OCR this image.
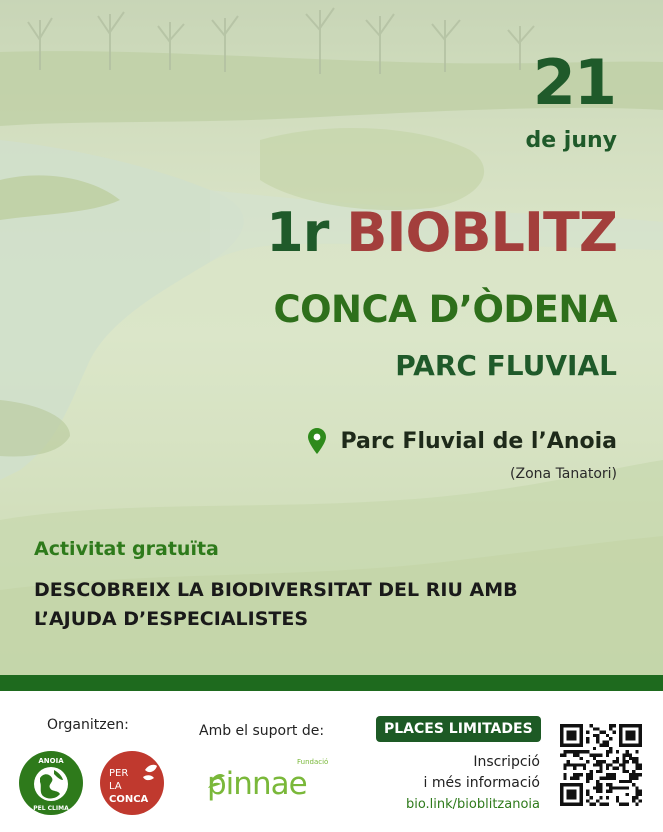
21
de juny
1r BIOBLITZ
CONCA D’ÒDENA
PARC FLUVIAL
Parc Fluvial de l’Anoia
(Zona Tanatori)
Activitat gratuïta
DESCOBREIX LA BIODIVERSITAT DEL RIU AMB
L’AJUDA D’ESPECIALISTES
Organitzen:
ANOIA
PEL CLIMA
PER
LA
CONCA
Amb el suport de:
Fundació
pinnae
PLACES LIMITADES
Inscripció
i més informació
bio.link/bioblitzanoia
